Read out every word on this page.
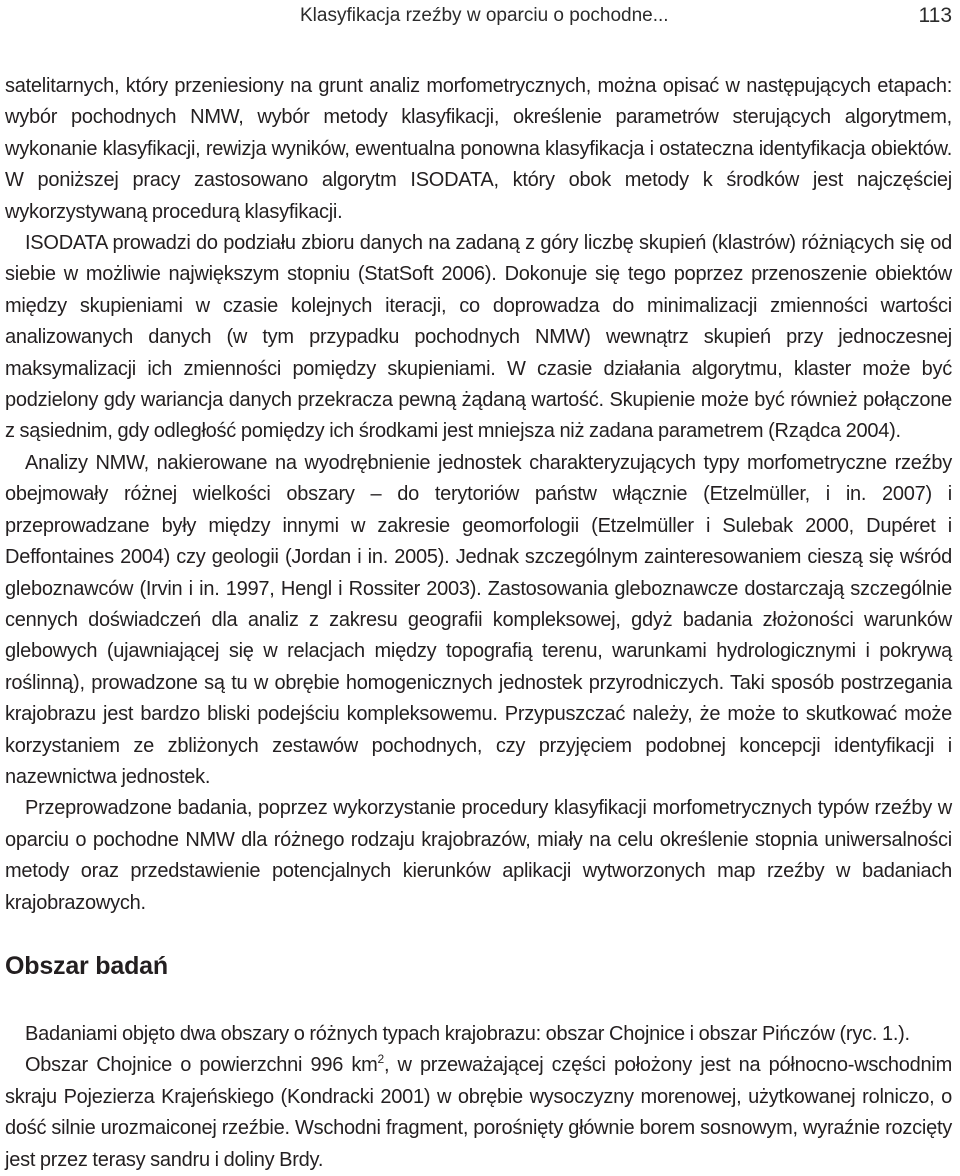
Klasyfikacja rzeźby w oparciu o pochodne...	113

satelitarnych, który przeniesiony na grunt analiz morfometrycznych, można opisać w następujących etapach: wybór pochodnych NMW, wybór metody klasyfikacji, określenie parametrów sterujących algorytmem, wykonanie klasyfikacji, rewizja wyników, ewentualna ponowna klasyfikacja i ostateczna identyfikacja obiektów. W poniższej pracy zastosowano algorytm ISODATA, który obok metody k środków jest najczęściej wykorzystywaną procedurą klasyfikacji.

ISODATA prowadzi do podziału zbioru danych na zadaną z góry liczbę skupień (klastrów) różniących się od siebie w możliwie największym stopniu (StatSoft 2006). Dokonuje się tego poprzez przenoszenie obiektów między skupieniami w czasie kolejnych iteracji, co doprowadza do minimalizacji zmienności wartości analizowanych danych (w tym przypadku pochodnych NMW) wewnątrz skupień przy jednoczesnej maksymalizacji ich zmienności pomiędzy skupieniami. W czasie działania algorytmu, klaster może być podzielony gdy wariancja danych przekracza pewną żądaną wartość. Skupienie może być również połączone z sąsiednim, gdy odległość pomiędzy ich środkami jest mniejsza niż zadana parametrem (Rządca 2004).

Analizy NMW, nakierowane na wyodrębnienie jednostek charakteryzujących typy morfometryczne rzeźby obejmowały różnej wielkości obszary – do terytoriów państw włącznie (Etzelmüller, i in. 2007) i przeprowadzane były między innymi w zakresie geomorfologii (Etzelmüller i Sulebak 2000, Dupéret i Deffontaines 2004) czy geologii (Jordan i in. 2005). Jednak szczególnym zainteresowaniem cieszą się wśród gleboznawców (Irvin i in. 1997, Hengl i Rossiter 2003). Zastosowania gleboznawcze dostarczają szczególnie cennych doświadczeń dla analiz z zakresu geografii kompleksowej, gdyż badania złożoności warunków glebowych (ujawniającej się w relacjach między topografią terenu, warunkami hydrologicznymi i pokrywą roślinną), prowadzone są tu w obrębie homogenicznych jednostek przyrodniczych. Taki sposób postrzegania krajobrazu jest bardzo bliski podejściu kompleksowemu. Przypuszczać należy, że może to skutkować może korzystaniem ze zbliżonych zestawów pochodnych, czy przyjęciem podobnej koncepcji identyfikacji i nazewnictwa jednostek.

Przeprowadzone badania, poprzez wykorzystanie procedury klasyfikacji morfometrycznych typów rzeźby w oparciu o pochodne NMW dla różnego rodzaju krajobrazów, miały na celu określenie stopnia uniwersalności metody oraz przedstawienie potencjalnych kierunków aplikacji wytworzonych map rzeźby w badaniach krajobrazowych.

Obszar badań

Badaniami objęto dwa obszary o różnych typach krajobrazu: obszar Chojnice i obszar Pińczów (ryc. 1.).

Obszar Chojnice o powierzchni 996 $km^2$, w przeważającej części położony jest na północno-wschodnim skraju Pojezierza Krajeńskiego (Kondracki 2001) w obrębie wysoczyzny morenowej, użytkowanej rolniczo, o dość silnie urozmaiconej rzeźbie. Wschodni fragment, porośnięty głównie borem sosnowym, wyraźnie rozcięty jest przez terasy sandru i doliny Brdy.
